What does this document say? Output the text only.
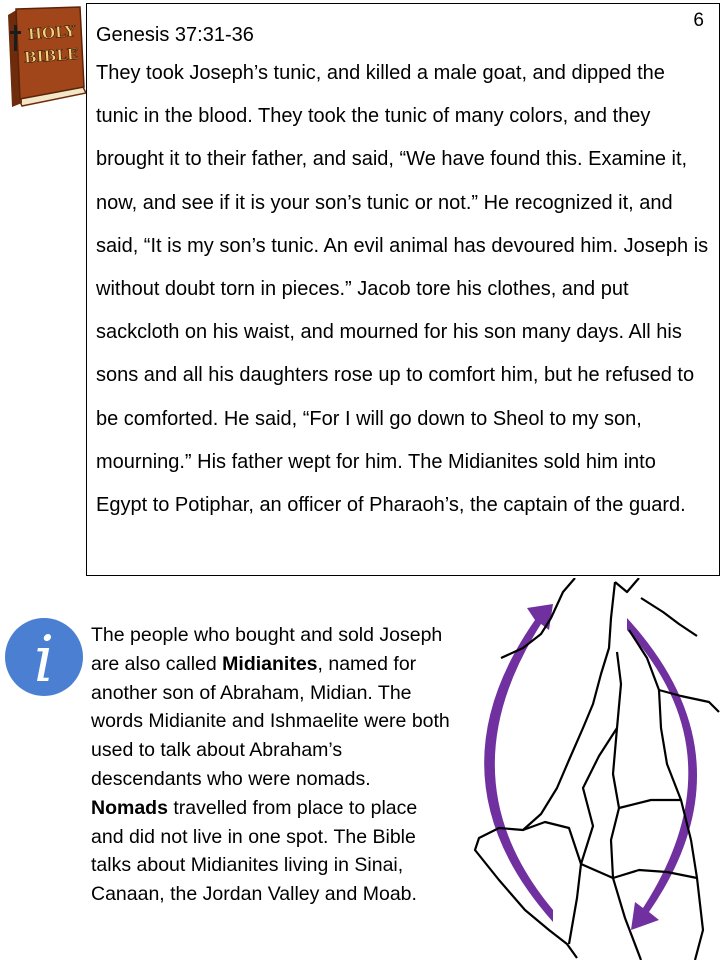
6
HOLY
BIBLE
Genesis 37:31-36

They took Joseph’s tunic, and killed a male goat, and dipped the tunic in the blood. They took the tunic of many colors, and they brought it to their father, and said, “We have found this. Examine it, now, and see if it is your son’s tunic or not.” He recognized it, and said, “It is my son’s tunic. An evil animal has devoured him. Joseph is without doubt torn in pieces.” Jacob tore his clothes, and put sackcloth on his waist, and mourned for his son many days. All his sons and all his daughters rose up to comfort him, but he refused to be comforted. He said, “For I will go down to Sheol to my son, mourning.” His father wept for him. The Midianites sold him into Egypt to Potiphar, an officer of Pharaoh’s, the captain of the guard.

i The people who bought and sold Joseph are also called Midianites, named for another son of Abraham, Midian. The words Midianite and Ishmaelite were both used to talk about Abraham’s descendants who were nomads. Nomads travelled from place to place and did not live in one spot. The Bible talks about Midianites living in Sinai, Canaan, the Jordan Valley and Moab.
